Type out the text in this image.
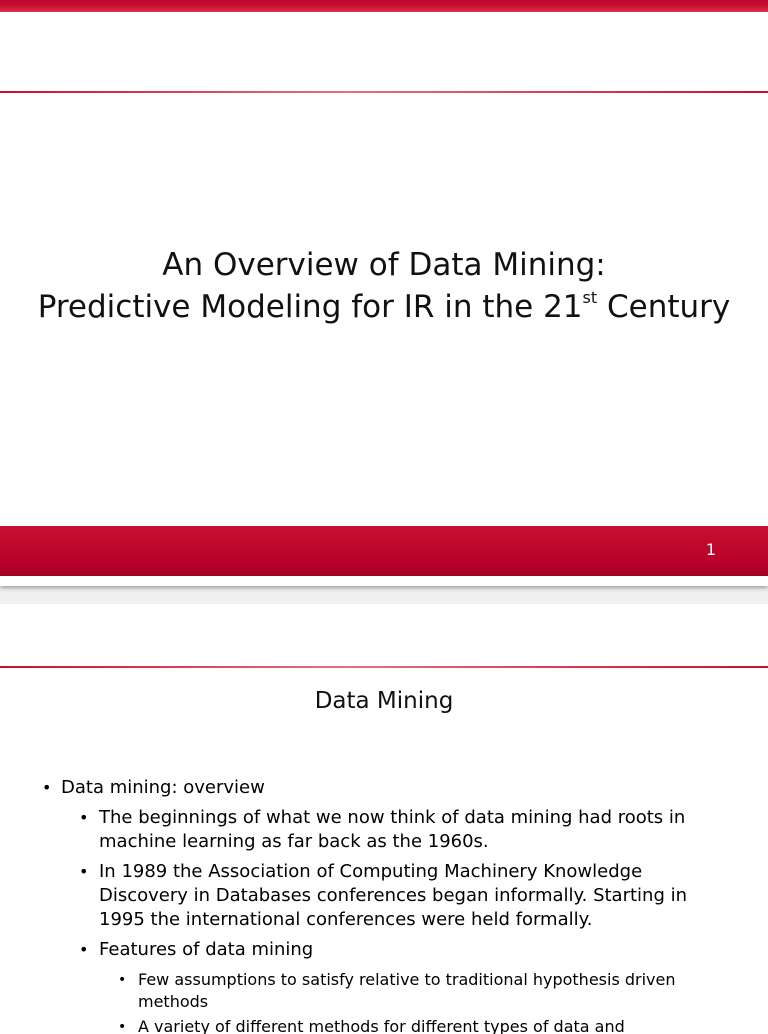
An Overview of Data Mining:
Predictive Modeling for IR in the 21st Century
1
Data Mining
• Data mining: overview
• The beginnings of what we now think of data mining had roots in machine learning as far back as the 1960s.
• In 1989 the Association of Computing Machinery Knowledge Discovery in Databases conferences began informally. Starting in 1995 the international conferences were held formally.
• Features of data mining
• Few assumptions to satisfy relative to traditional hypothesis driven methods
• A variety of different methods for different types of data and
